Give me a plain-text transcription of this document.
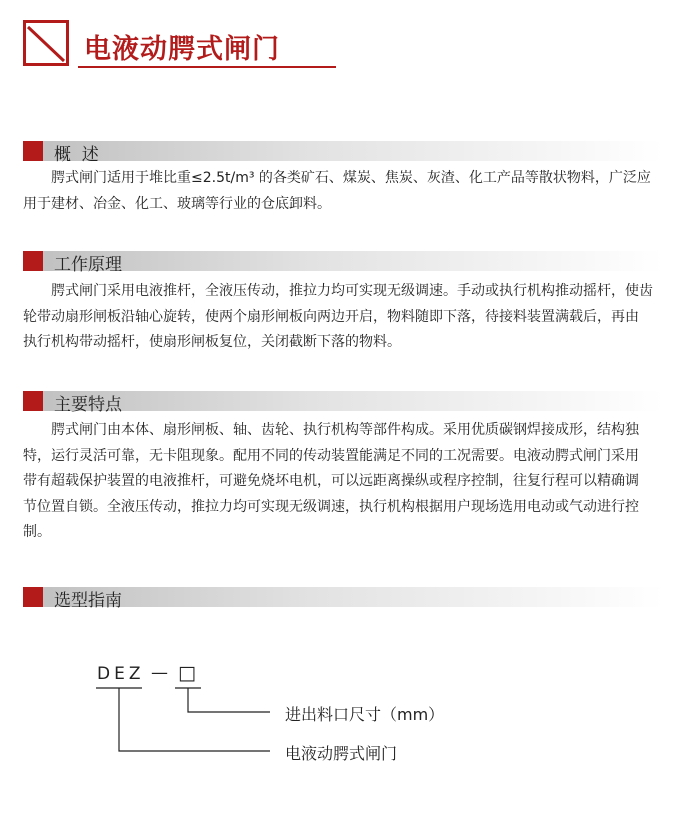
电液动腭式闸门
概  述
　　腭式闸门适用于堆比重≤2.5t/m³ 的各类矿石、煤炭、焦炭、灰渣、化工产品等散状物料，广泛应
用于建材、冶金、化工、玻璃等行业的仓底卸料。
工作原理
　　腭式闸门采用电液推杆，全液压传动，推拉力均可实现无级调速。手动或执行机构推动摇杆，使齿
轮带动扇形闸板沿轴心旋转，使两个扇形闸板向两边开启，物料随即下落，待接料装置满载后，再由
执行机构带动摇杆，使扇形闸板复位，关闭截断下落的物料。
主要特点
　　腭式闸门由本体、扇形闸板、轴、齿轮、执行机构等部件构成。采用优质碳钢焊接成形，结构独
特，运行灵活可靠，无卡阻现象。配用不同的传动装置能满足不同的工况需要。电液动腭式闸门采用
带有超载保护装置的电液推杆，可避免烧坏电机，可以远距离操纵或程序控制，往复行程可以精确调
节位置自锁。全液压传动，推拉力均可实现无级调速，执行机构根据用户现场选用电动或气动进行控
制。
选型指南
DEZ — □
进出料口尺寸（mm）
电液动腭式闸门
